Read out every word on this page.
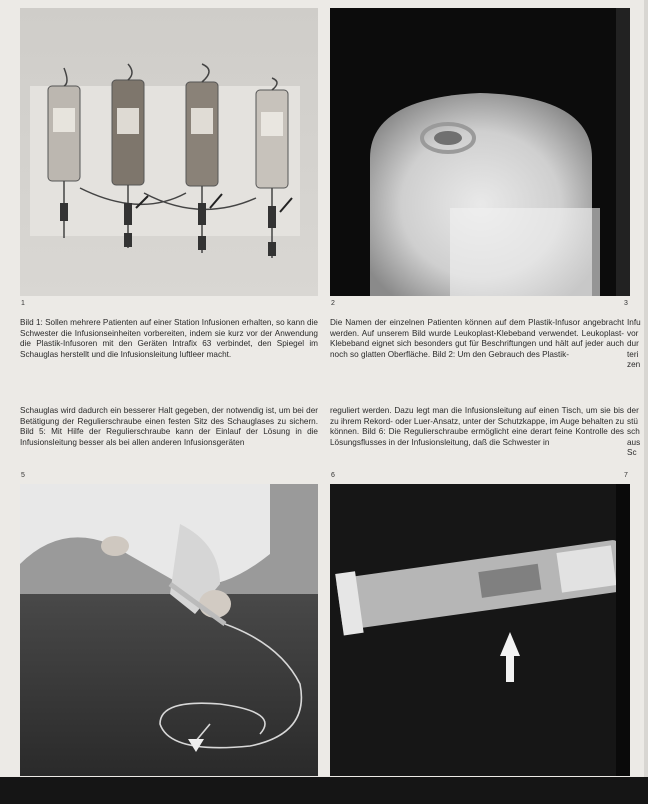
1	2	3
Bild 1: Sollen mehrere Patienten auf einer Station Infusionen erhalten, so kann die Schwester die Infusionseinheiten vorbereiten, indem sie kurz vor der Anwendung die Plastik-Infusoren mit den Geräten Intrafix 63 verbindet, den Spiegel im Schauglas herstellt und die Infusionsleitung luftleer macht.
Die Namen der einzelnen Patienten können auf dem Plastik-Infusor angebracht werden. Auf unserem Bild wurde Leukoplast-Klebeband verwendet. Leukoplast-Klebeband eignet sich besonders gut für Beschriftungen und hält auf jeder auch noch so glatten Oberfläche. Bild 2: Um den Gebrauch des Plastik-
Infu
vor
dur
teri
zen
Schauglas wird dadurch ein besserer Halt gegeben, der notwendig ist, um bei der Betätigung der Regulierschraube einen festen Sitz des Schauglases zu sichern. Bild 5: Mit Hilfe der Regulierschraube kann der Einlauf der Lösung in die Infusionsleitung besser als bei allen anderen Infusionsgeräten
reguliert werden. Dazu legt man die Infusionsleitung auf einen Tisch, um sie bis zu ihrem Rekord- oder Luer-Ansatz, unter der Schutzkappe, im Auge behalten zu können. Bild 6: Die Regulierschraube ermöglicht eine derart feine Kontrolle des Lösungsflusses in der Infusionsleitung, daß die Schwester in
der
stü
sch
aus
Sc
5	6	7
